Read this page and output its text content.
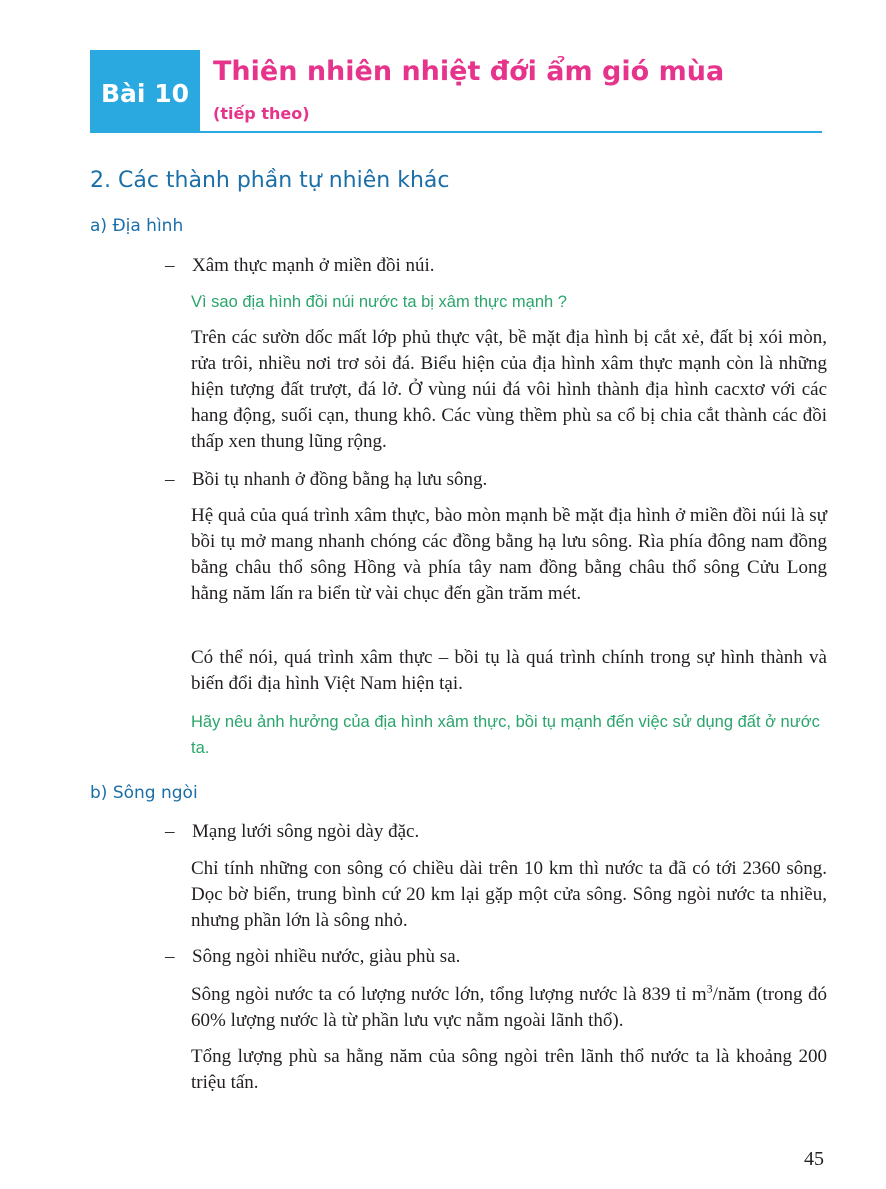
Bài 10
Thiên nhiên nhiệt đới ẩm gió mùa
(tiếp theo)
2. Các thành phần tự nhiên khác
a) Địa hình
– Xâm thực mạnh ở miền đồi núi.
Vì sao địa hình đồi núi nước ta bị xâm thực mạnh ?
Trên các sườn dốc mất lớp phủ thực vật, bề mặt địa hình bị cắt xẻ, đất bị xói mòn, rửa trôi, nhiều nơi trơ sỏi đá. Biểu hiện của địa hình xâm thực mạnh còn là những hiện tượng đất trượt, đá lở. Ở vùng núi đá vôi hình thành địa hình cacxtơ với các hang động, suối cạn, thung khô. Các vùng thềm phù sa cổ bị chia cắt thành các đồi thấp xen thung lũng rộng.
– Bồi tụ nhanh ở đồng bằng hạ lưu sông.
Hệ quả của quá trình xâm thực, bào mòn mạnh bề mặt địa hình ở miền đồi núi là sự bồi tụ mở mang nhanh chóng các đồng bằng hạ lưu sông. Rìa phía đông nam đồng bằng châu thổ sông Hồng và phía tây nam đồng bằng châu thổ sông Cửu Long hằng năm lấn ra biển từ vài chục đến gần trăm mét.
Có thể nói, quá trình xâm thực – bồi tụ là quá trình chính trong sự hình thành và biến đổi địa hình Việt Nam hiện tại.
Hãy nêu ảnh hưởng của địa hình xâm thực, bồi tụ mạnh đến việc sử dụng đất ở nước ta.
b) Sông ngòi
– Mạng lưới sông ngòi dày đặc.
Chỉ tính những con sông có chiều dài trên 10 km thì nước ta đã có tới 2360 sông. Dọc bờ biển, trung bình cứ 20 km lại gặp một cửa sông. Sông ngòi nước ta nhiều, nhưng phần lớn là sông nhỏ.
– Sông ngòi nhiều nước, giàu phù sa.
Sông ngòi nước ta có lượng nước lớn, tổng lượng nước là 839 tỉ $m^3$/năm (trong đó 60% lượng nước là từ phần lưu vực nằm ngoài lãnh thổ).
Tổng lượng phù sa hằng năm của sông ngòi trên lãnh thổ nước ta là khoảng 200 triệu tấn.
45
